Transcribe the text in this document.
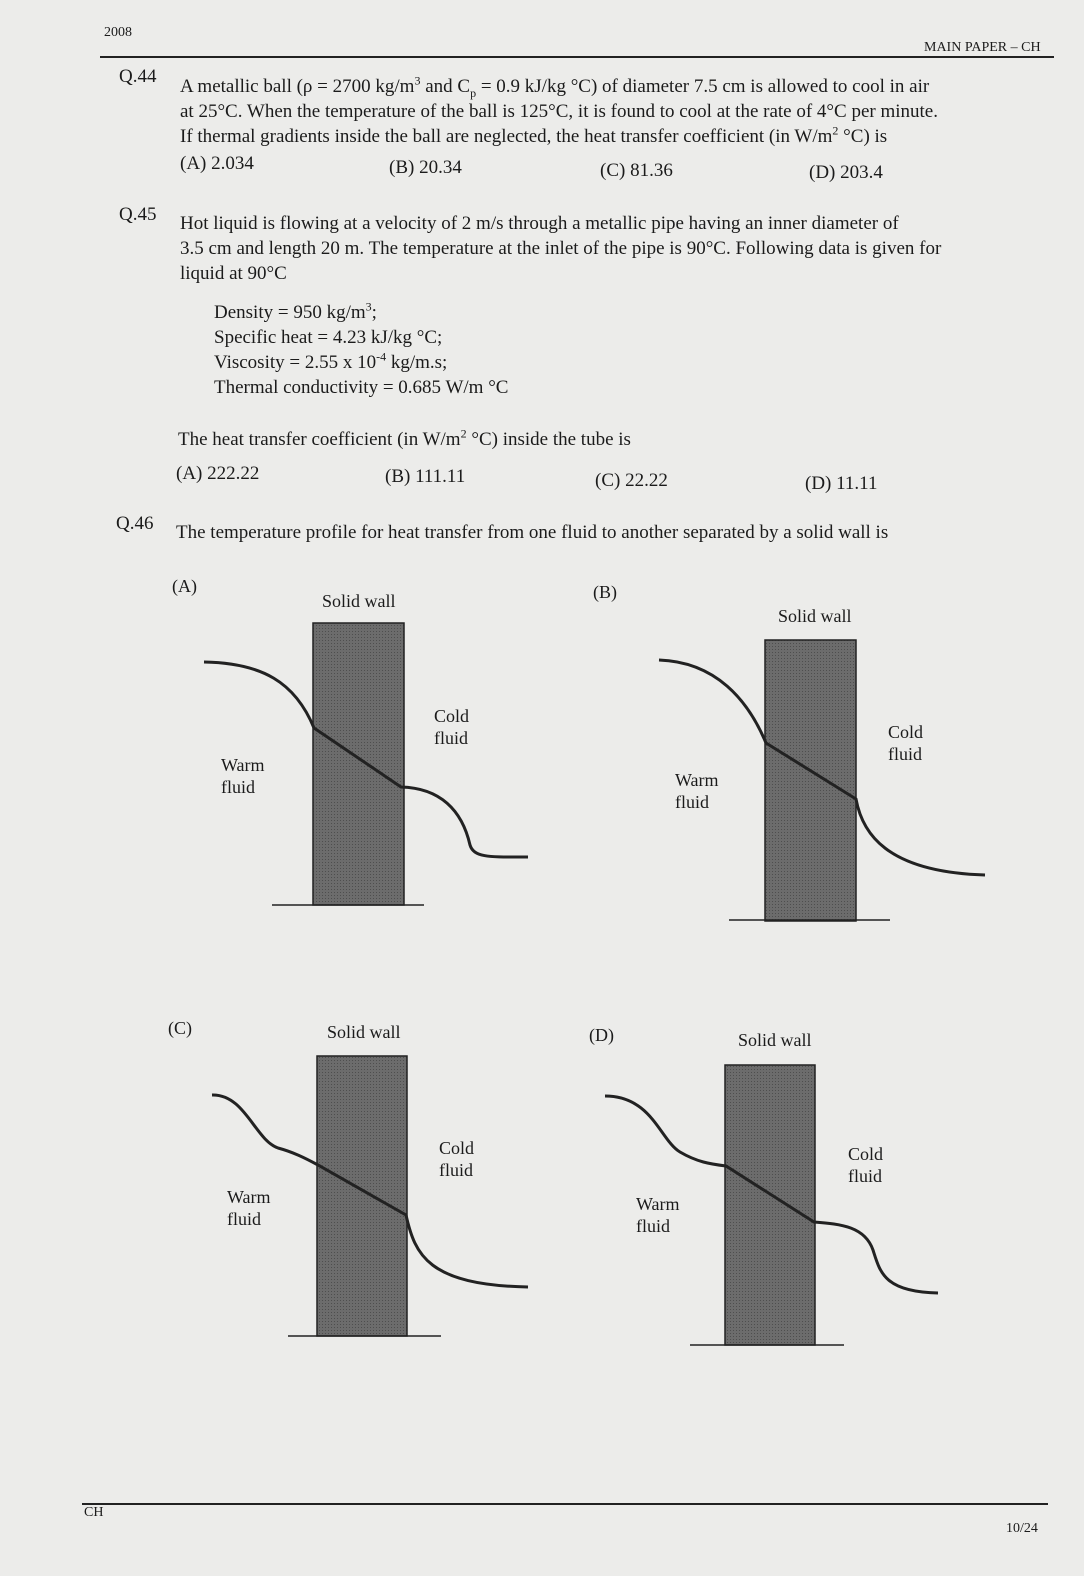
2008
MAIN PAPER – CH
Q.44 A metallic ball (ρ = 2700 $kg/m^3$ and $C_p = 0.9$ kJ/kg °C) of diameter 7.5 cm is allowed to cool in air
at 25°C. When the temperature of the ball is 125°C, it is found to cool at the rate of 4°C per minute.
If thermal gradients inside the ball are neglected, the heat transfer coefficient (in $W/m^2$ °C) is
(A) 2.034	(B) 20.34	(C) 81.36	(D) 203.4
Q.45 Hot liquid is flowing at a velocity of 2 m/s through a metallic pipe having an inner diameter of
3.5 cm and length 20 m. The temperature at the inlet of the pipe is 90°C. Following data is given for
liquid at 90°C
Density = 950 $kg/m^3$;
Specific heat = 4.23 kJ/kg °C;
Viscosity = 2.55 x $10^{-4}$ kg/m.s;
Thermal conductivity = 0.685 W/m °C
The heat transfer coefficient (in $W/m^2$ °C) inside the tube is
(A) 222.22	(B) 111.11	(C) 22.22	(D) 11.11
Q.46 The temperature profile for heat transfer from one fluid to another separated by a solid wall is
(A)
Solid wall
Cold
fluid
Warm
fluid
(B)
Solid wall
Cold
fluid
Warm
fluid
(C)	Solid wall
Cold
fluid
Warm
fluid
(D)	Solid wall
Cold
fluid
Warm
fluid
CH
10/24
